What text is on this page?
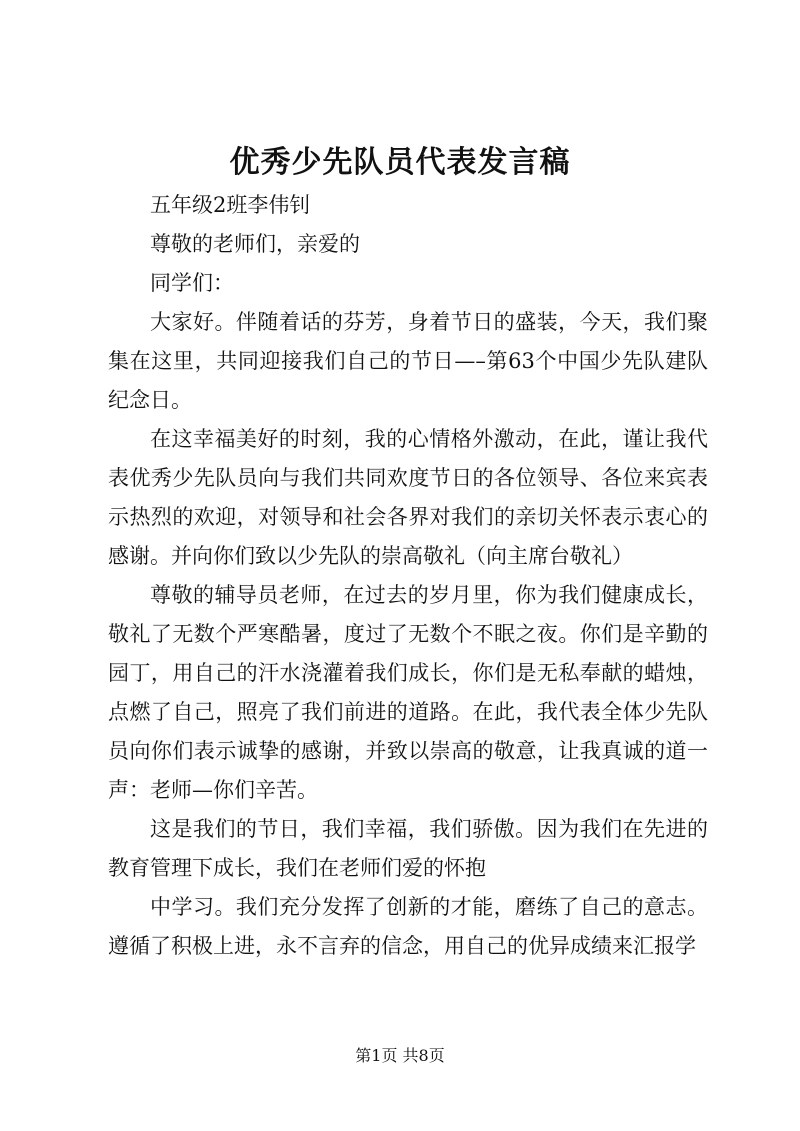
优秀少先队员代表发言稿

五年级2班李伟钊

尊敬的老师们，亲爱的

同学们：

大家好。伴随着话的芬芳，身着节日的盛装，今天，我们聚集在这里，共同迎接我们自己的节日—–第63个中国少先队建队纪念日。

在这幸福美好的时刻，我的心情格外激动，在此，谨让我代表优秀少先队员向与我们共同欢度节日的各位领导、各位来宾表示热烈的欢迎，对领导和社会各界对我们的亲切关怀表示衷心的感谢。并向你们致以少先队的崇高敬礼（向主席台敬礼）

尊敬的辅导员老师，在过去的岁月里，你为我们健康成长，敬礼了无数个严寒酷暑，度过了无数个不眠之夜。你们是辛勤的园丁，用自己的汗水浇灌着我们成长，你们是无私奉献的蜡烛，点燃了自己，照亮了我们前进的道路。在此，我代表全体少先队员向你们表示诚挚的感谢，并致以崇高的敬意，让我真诚的道一声：老师—你们辛苦。

这是我们的节日，我们幸福，我们骄傲。因为我们在先进的教育管理下成长，我们在老师们爱的怀抱

中学习。我们充分发挥了创新的才能，磨练了自己的意志。遵循了积极上进，永不言弃的信念，用自己的优异成绩来汇报学

第1页 共8页
